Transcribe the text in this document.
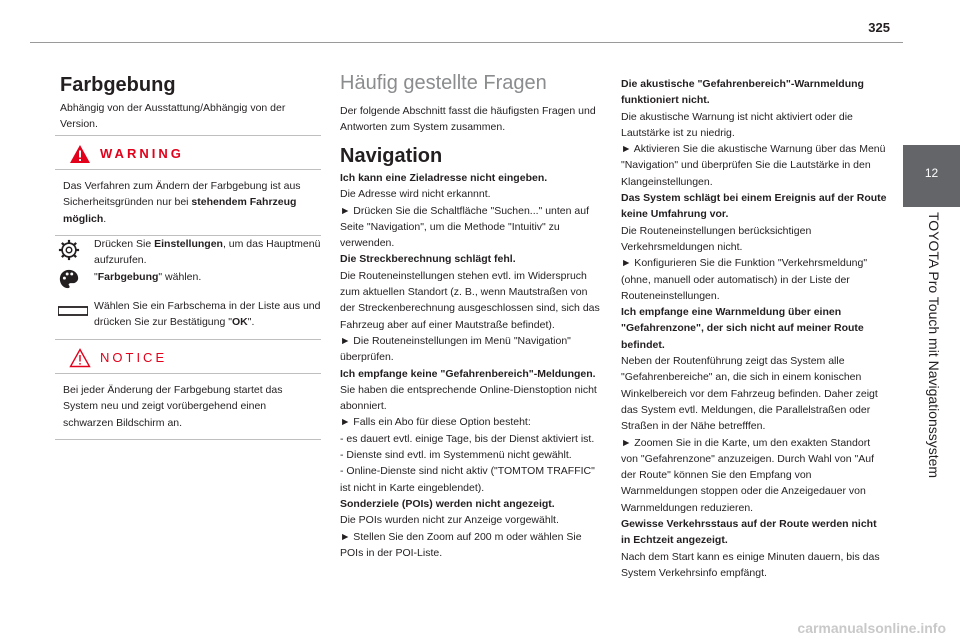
325
12
TOYOTA Pro Touch mit Navigationssystem
Farbgebung
Abhängig von der Ausstattung/Abhängig von der Version.
WARNING
Das Verfahren zum Ändern der Farbgebung ist aus Sicherheitsgründen nur bei stehendem Fahrzeug möglich.
Drücken Sie Einstellungen, um das Hauptmenü aufzurufen.
"Farbgebung" wählen.
Wählen Sie ein Farbschema in der Liste aus und drücken Sie zur Bestätigung "OK".
NOTICE
Bei jeder Änderung der Farbgebung startet das System neu und zeigt vorübergehend einen schwarzen Bildschirm an.
Häufig gestellte Fragen
Der folgende Abschnitt fasst die häufigsten Fragen und Antworten zum System zusammen.
Navigation
Ich kann eine Zieladresse nicht eingeben.
Die Adresse wird nicht erkannnt.
► Drücken Sie die Schaltfläche "Suchen..." unten auf Seite "Navigation", um die Methode "Intuitiv" zu verwenden.
Die Streckberechnung schlägt fehl.
Die Routeneinstellungen stehen evtl. im Widerspruch zum aktuellen Standort (z. B., wenn Mautstraßen von der Streckenberechnung ausgeschlossen sind, sich das Fahrzeug aber auf einer Mautstraße befindet).
► Die Routeneinstellungen im Menü "Navigation" überprüfen.
Ich empfange keine "Gefahrenbereich"-Meldungen.
Sie haben die entsprechende Online-Dienstoption nicht abonniert.
► Falls ein Abo für diese Option besteht:
- es dauert evtl. einige Tage, bis der Dienst aktiviert ist.
- Dienste sind evtl. im Systemmenü nicht gewählt.
- Online-Dienste sind nicht aktiv ("TOMTOM TRAFFIC" ist nicht in Karte eingeblendet).
Sonderziele (POIs) werden nicht angezeigt.
Die POIs wurden nicht zur Anzeige vorgewählt.
► Stellen Sie den Zoom auf 200 m oder wählen Sie POIs in der POI-Liste.
Die akustische "Gefahrenbereich"-Warnmeldung funktioniert nicht.
Die akustische Warnung ist nicht aktiviert oder die Lautstärke ist zu niedrig.
► Aktivieren Sie die akustische Warnung über das Menü "Navigation" und überprüfen Sie die Lautstärke in den Klangeinstellungen.
Das System schlägt bei einem Ereignis auf der Route keine Umfahrung vor.
Die Routeneinstellungen berücksichtigen Verkehrsmeldungen nicht.
► Konfigurieren Sie die Funktion "Verkehrsmeldung" (ohne, manuell oder automatisch) in der Liste der Routeneinstellungen.
Ich empfange eine Warnmeldung über einen "Gefahrenzone", der sich nicht auf meiner Route befindet.
Neben der Routenführung zeigt das System alle "Gefahrenbereiche" an, die sich in einem konischen Winkelbereich vor dem Fahrzeug befinden. Daher zeigt das System evtl. Meldungen, die Parallelstraßen oder Straßen in der Nähe betrefffen.
► Zoomen Sie in die Karte, um den exakten Standort von "Gefahrenzone" anzuzeigen. Durch Wahl von "Auf der Route" können Sie den Empfang von Warnmeldungen stoppen oder die Anzeigedauer von Warnmeldungen reduzieren.
Gewisse Verkehrsstaus auf der Route werden nicht in Echtzeit angezeigt.
Nach dem Start kann es einige Minuten dauern, bis das System Verkehrsinfo empfängt.
carmanualsonline.info
